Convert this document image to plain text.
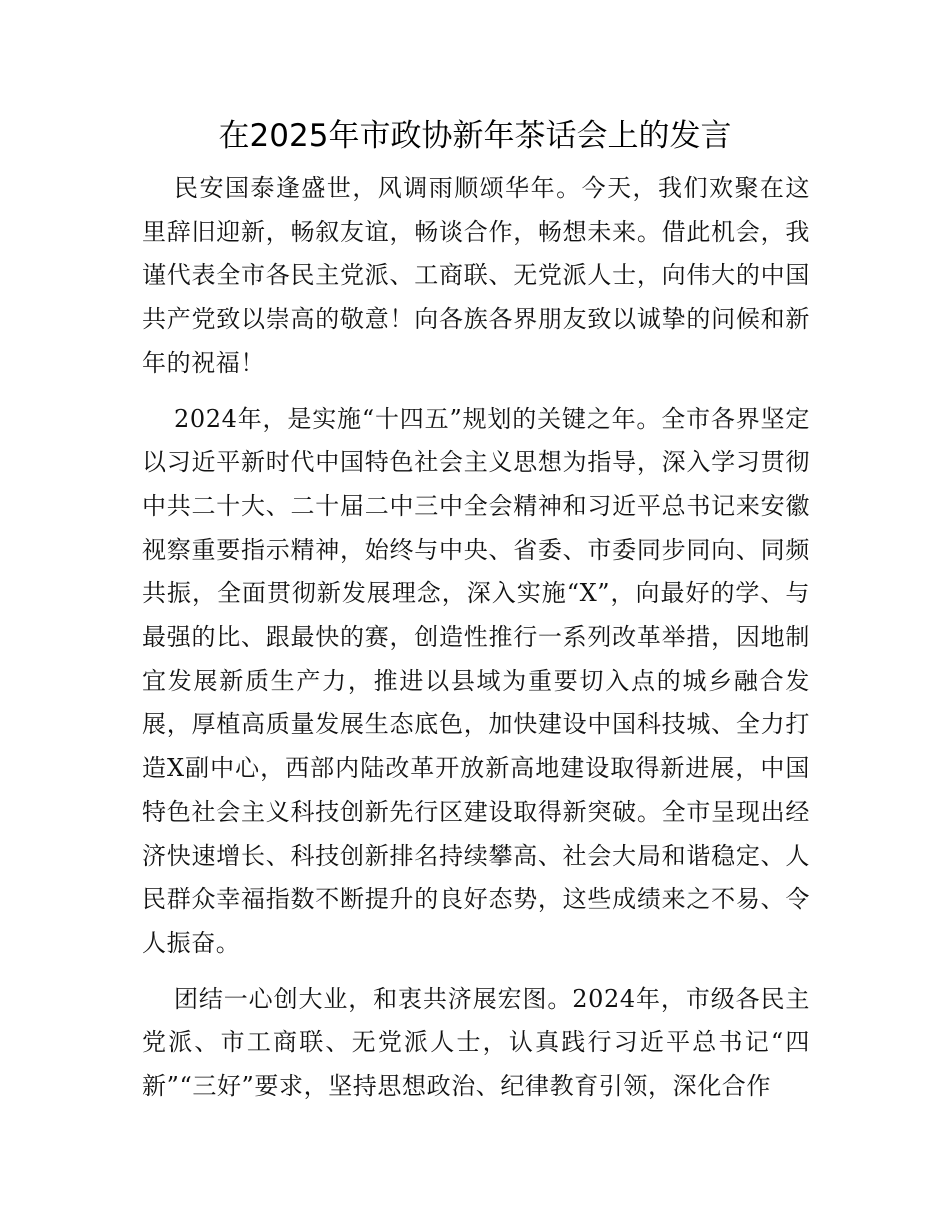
在2025年市政协新年茶话会上的发言

民安国泰逢盛世，风调雨顺颂华年。今天，我们欢聚在这里辞旧迎新，畅叙友谊，畅谈合作，畅想未来。借此机会，我谨代表全市各民主党派、工商联、无党派人士，向伟大的中国共产党致以崇高的敬意！向各族各界朋友致以诚挚的问候和新年的祝福！

2024年，是实施“十四五”规划的关键之年。全市各界坚定以习近平新时代中国特色社会主义思想为指导，深入学习贯彻中共二十大、二十届二中三中全会精神和习近平总书记来安徽视察重要指示精神，始终与中央、省委、市委同步同向、同频共振，全面贯彻新发展理念，深入实施“X”，向最好的学、与最强的比、跟最快的赛，创造性推行一系列改革举措，因地制宜发展新质生产力，推进以县域为重要切入点的城乡融合发展，厚植高质量发展生态底色，加快建设中国科技城、全力打造X副中心，西部内陆改革开放新高地建设取得新进展，中国特色社会主义科技创新先行区建设取得新突破。全市呈现出经济快速增长、科技创新排名持续攀高、社会大局和谐稳定、人民群众幸福指数不断提升的良好态势，这些成绩来之不易、令人振奋。

团结一心创大业，和衷共济展宏图。2024年，市级各民主党派、市工商联、无党派人士，认真践行习近平总书记“四新”“三好”要求，坚持思想政治、纪律教育引领，深化合作
